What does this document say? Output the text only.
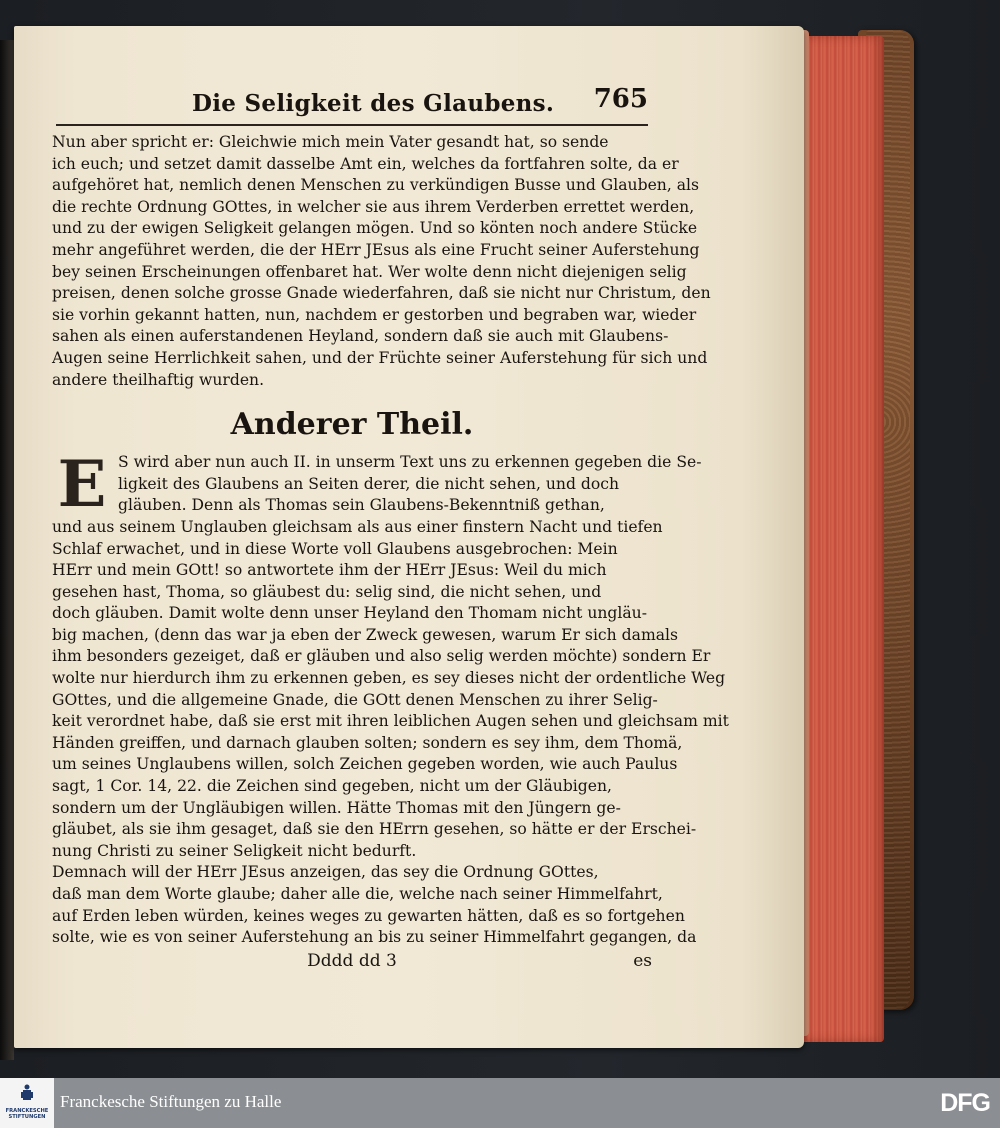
Die Seligkeit des Glaubens. 765
Nun aber spricht er: Gleichwie mich mein Vater gesandt hat, so sende
ich euch; und setzet damit dasselbe Amt ein, welches da fortfahren solte, da er
aufgehöret hat, nemlich denen Menschen zu verkündigen Busse und Glauben, als
die rechte Ordnung GOttes, in welcher sie aus ihrem Verderben errettet werden,
und zu der ewigen Seligkeit gelangen mögen. Und so könten noch andere Stücke
mehr angeführet werden, die der HErr JEsus als eine Frucht seiner Auferstehung
bey seinen Erscheinungen offenbaret hat. Wer wolte denn nicht diejenigen selig
preisen, denen solche grosse Gnade wiederfahren, daß sie nicht nur Christum, den
sie vorhin gekannt hatten, nun, nachdem er gestorben und begraben war, wieder
sahen als einen auferstandenen Heyland, sondern daß sie auch mit Glaubens-
Augen seine Herrlichkeit sahen, und der Früchte seiner Auferstehung für sich und
andere theilhaftig wurden.
Anderer Theil.
E S wird aber nun auch II. in unserm Text uns zu erkennen gegeben die Se-
ligkeit des Glaubens an Seiten derer, die nicht sehen, und doch
gläuben. Denn als Thomas sein Glaubens-Bekenntniß gethan,
und aus seinem Unglauben gleichsam als aus einer finstern Nacht und tiefen
Schlaf erwachet, und in diese Worte voll Glaubens ausgebrochen: Mein
HErr und mein GOtt! so antwortete ihm der HErr JEsus: Weil du mich
gesehen hast, Thoma, so gläubest du: selig sind, die nicht sehen, und
doch gläuben. Damit wolte denn unser Heyland den Thomam nicht ungläu-
big machen, (denn das war ja eben der Zweck gewesen, warum Er sich damals
ihm besonders gezeiget, daß er gläuben und also selig werden möchte) sondern Er
wolte nur hierdurch ihm zu erkennen geben, es sey dieses nicht der ordentliche Weg
GOttes, und die allgemeine Gnade, die GOtt denen Menschen zu ihrer Selig-
keit verordnet habe, daß sie erst mit ihren leiblichen Augen sehen und gleichsam mit
Händen greiffen, und darnach glauben solten; sondern es sey ihm, dem Thomä,
um seines Unglaubens willen, solch Zeichen gegeben worden, wie auch Paulus
sagt, 1 Cor. 14, 22. die Zeichen sind gegeben, nicht um der Gläubigen,
sondern um der Ungläubigen willen. Hätte Thomas mit den Jüngern ge-
gläubet, als sie ihm gesaget, daß sie den HErrn gesehen, so hätte er der Erschei-
nung Christi zu seiner Seligkeit nicht bedurft.
Demnach will der HErr JEsus anzeigen, das sey die Ordnung GOttes,
daß man dem Worte glaube; daher alle die, welche nach seiner Himmelfahrt,
auf Erden leben würden, keines weges zu gewarten hätten, daß es so fortgehen
solte, wie es von seiner Auferstehung an bis zu seiner Himmelfahrt gegangen, da
Dddd dd 3	es
FRANCKESCHE STIFTUNGEN
Franckesche Stiftungen zu Halle	DFG
